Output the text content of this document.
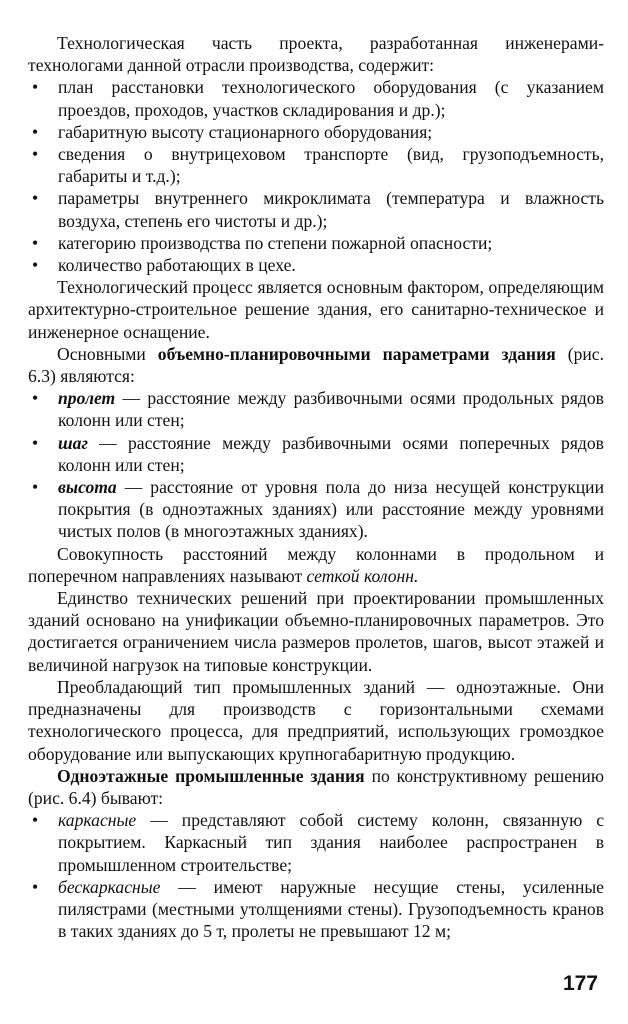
Технологическая часть проекта, разработанная инженерами-технологами данной отрасли производства, содержит:

• план расстановки технологического оборудования (с указанием проездов, проходов, участков складирования и др.);
• габаритную высоту стационарного оборудования;
• сведения о внутрицеховом транспорте (вид, грузоподъемность, габариты и т.д.);
• параметры внутреннего микроклимата (температура и влажность воздуха, степень его чистоты и др.);
• категорию производства по степени пожарной опасности;
• количество работающих в цехе.

Технологический процесс является основным фактором, определяющим архитектурно-строительное решение здания, его санитарно-техническое и инженерное оснащение.

Основными объемно-планировочными параметрами здания (рис. 6.3) являются:

• пролет — расстояние между разбивочными осями продольных рядов колонн или стен;
• шаг — расстояние между разбивочными осями поперечных рядов колонн или стен;
• высота — расстояние от уровня пола до низа несущей конструкции покрытия (в одноэтажных зданиях) или расстояние между уровнями чистых полов (в многоэтажных зданиях).

Совокупность расстояний между колоннами в продольном и поперечном направлениях называют сеткой колонн.

Единство технических решений при проектировании промышленных зданий основано на унификации объемно-планировочных параметров. Это достигается ограничением числа размеров пролетов, шагов, высот этажей и величиной нагрузок на типовые конструкции.

Преобладающий тип промышленных зданий — одноэтажные. Они предназначены для производств с горизонтальными схемами технологического процесса, для предприятий, использующих громоздкое оборудование или выпускающих крупногабаритную продукцию.

Одноэтажные промышленные здания по конструктивному решению (рис. 6.4) бывают:

• каркасные — представляют собой систему колонн, связанную с покрытием. Каркасный тип здания наиболее распространен в промышленном строительстве;
• бескаркасные — имеют наружные несущие стены, усиленные пилястрами (местными утолщениями стены). Грузоподъемность кранов в таких зданиях до 5 т, пролеты не превышают 12 м;
177
